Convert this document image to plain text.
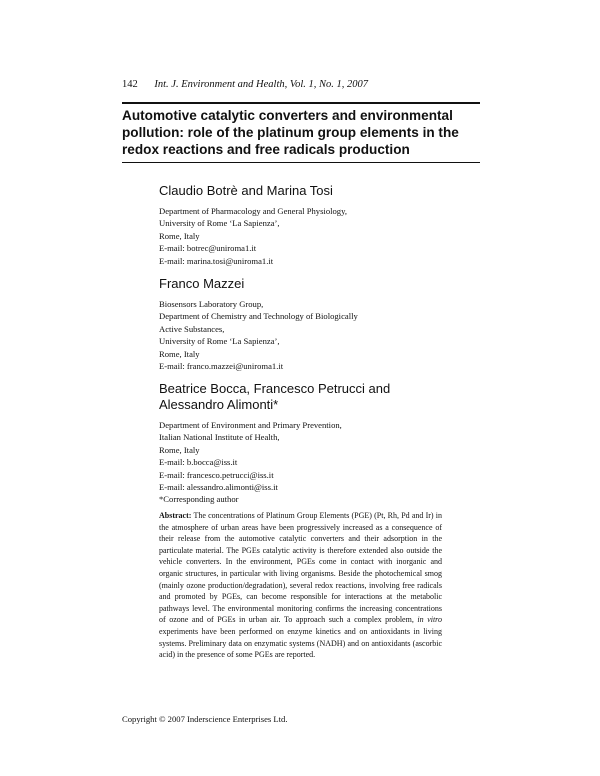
142 Int. J. Environment and Health, Vol. 1, No. 1, 2007
Automotive catalytic converters and environmental pollution: role of the platinum group elements in the redox reactions and free radicals production
Claudio Botrè and Marina Tosi
Department of Pharmacology and General Physiology,
University of Rome ‘La Sapienza’,
Rome, Italy
E-mail: botrec@uniroma1.it
E-mail: marina.tosi@uniroma1.it
Franco Mazzei
Biosensors Laboratory Group,
Department of Chemistry and Technology of Biologically
Active Substances,
University of Rome ‘La Sapienza’,
Rome, Italy
E-mail: franco.mazzei@uniroma1.it
Beatrice Bocca, Francesco Petrucci and
Alessandro Alimonti*
Department of Environment and Primary Prevention,
Italian National Institute of Health,
Rome, Italy
E-mail: b.bocca@iss.it
E-mail: francesco.petrucci@iss.it
E-mail: alessandro.alimonti@iss.it
*Corresponding author
Abstract: The concentrations of Platinum Group Elements (PGE) (Pt, Rh, Pd and Ir) in the atmosphere of urban areas have been progressively increased as a consequence of their release from the automotive catalytic converters and their adsorption in the particulate material. The PGEs catalytic activity is therefore extended also outside the vehicle converters. In the environment, PGEs come in contact with inorganic and organic structures, in particular with living organisms. Beside the photochemical smog (mainly ozone production/degradation), several redox reactions, involving free radicals and promoted by PGEs, can become responsible for interactions at the metabolic pathways level. The environmental monitoring confirms the increasing concentrations of ozone and of PGEs in urban air. To approach such a complex problem, in vitro experiments have been performed on enzyme kinetics and on antioxidants in living systems. Preliminary data on enzymatic systems (NADH) and on antioxidants (ascorbic acid) in the presence of some PGEs are reported.
Copyright © 2007 Inderscience Enterprises Ltd.
